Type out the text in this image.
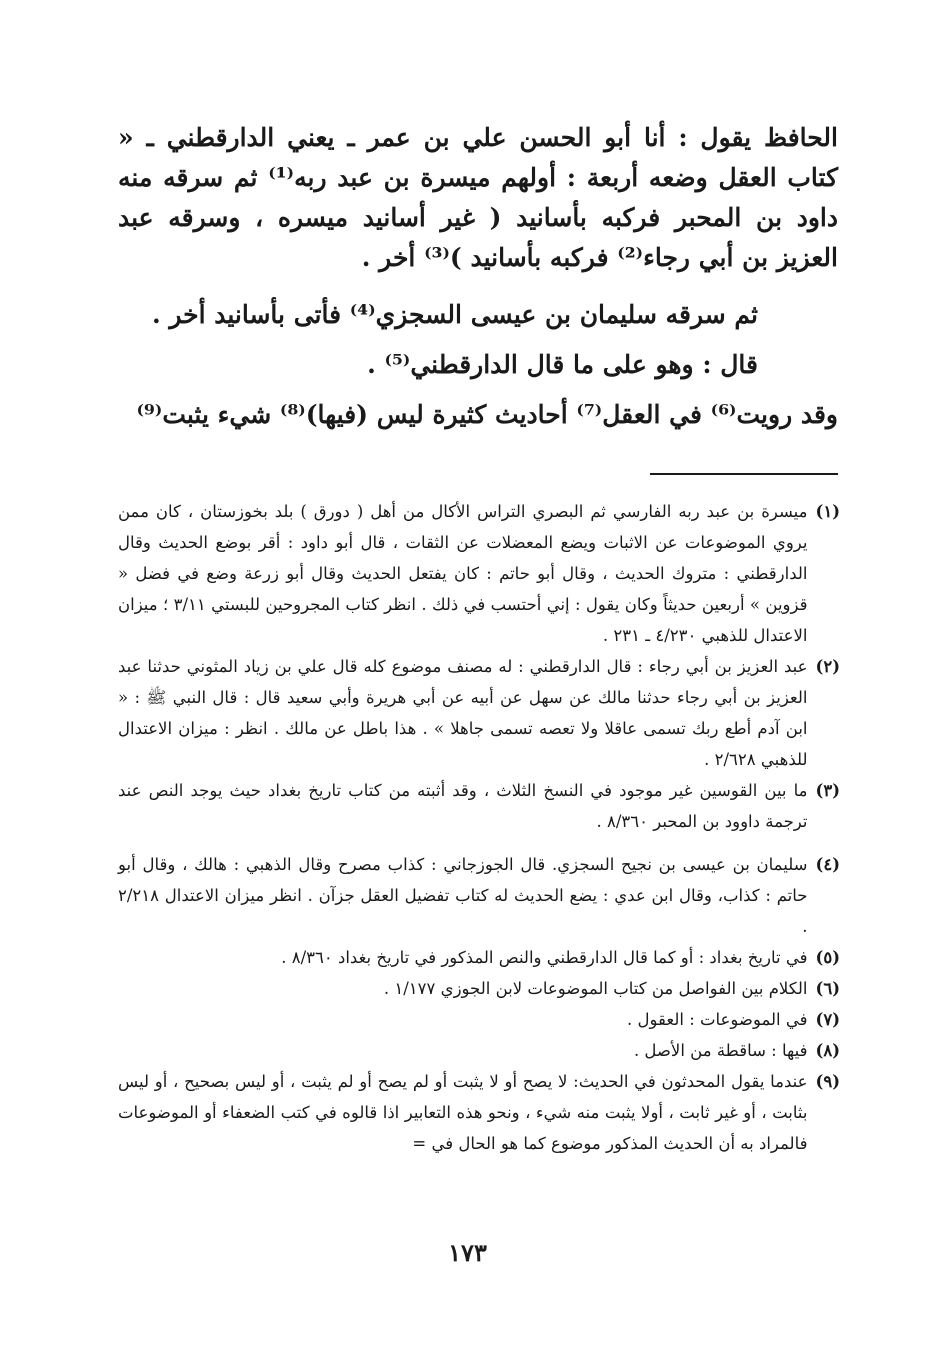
الحافظ يقول : أنا أبو الحسن علي بن عمر ـ يعني الدارقطني ـ « كتاب العقل وضعه أربعة : أولهم ميسرة بن عبد ربه⁽¹⁾ ثم سرقه منه داود بن المحبر فركبه بأسانيد ( غير أسانيد ميسره ، وسرقه عبد العزيز بن أبي رجاء⁽²⁾ فركبه بأسانيد )⁽³⁾ أخر .

ثم سرقه سليمان بن عيسى السجزي⁽⁴⁾ فأتى بأسانيد أخر .

قال : وهو على ما قال الدارقطني⁽⁵⁾ .

وقد رويت⁽⁶⁾ في العقل⁽⁷⁾ أحاديث كثيرة ليس (فيها)⁽⁸⁾ شيء يثبت⁽⁹⁾

(١)
ميسرة بن عبد ربه الفارسي ثم البصري التراس الأكال من أهل ( دورق ) بلد بخوزستان ، كان ممن يروي الموضوعات عن الاثبات ويضع المعضلات عن الثقات ، قال أبو داود : أقر بوضع الحديث وقال الدارقطني : متروك الحديث ، وقال أبو حاتم : كان يفتعل الحديث وقال أبو زرعة وضع في فضل « قزوين » أربعين حديثاً وكان يقول : إني أحتسب في ذلك . انظر كتاب المجروحين للبستي ٣/١١ ؛ ميزان الاعتدال للذهبي ٤/٢٣٠ ـ ٢٣١ .
(٢)
عبد العزيز بن أبي رجاء : قال الدارقطني : له مصنف موضوع كله قال علي بن زياد المثوني حدثنا عبد العزيز بن أبي رجاء حدثنا مالك عن سهل عن أبيه عن أبي هريرة وأبي سعيد قال : قال النبي ﷺ : « ابن آدم أطع ربك تسمى عاقلا ولا تعصه تسمى جاهلا » . هذا باطل عن مالك . انظر : ميزان الاعتدال للذهبي ٢/٦٢٨ .
(٣)
ما بين القوسين غير موجود في النسخ الثلاث ، وقد أثبته من كتاب تاريخ بغداد حيث يوجد النص عند ترجمة داوود بن المحبر ٨/٣٦٠ .
(٤)
سليمان بن عيسى بن نجيح السجزي. قال الجوزجاني : كذاب مصرح وقال الذهبي : هالك ، وقال أبو حاتم : كذاب، وقال ابن عدي : يضع الحديث له كتاب تفضيل العقل جزآن . انظر ميزان الاعتدال ٢/٢١٨ .
(٥)
في تاريخ بغداد : أو كما قال الدارقطني والنص المذكور في تاريخ بغداد ٨/٣٦٠ .
(٦)
الكلام بين الفواصل من كتاب الموضوعات لابن الجوزي ١/١٧٧ .
(٧)
في الموضوعات : العقول .
(٨)
فيها : ساقطة من الأصل .
(٩)
عندما يقول المحدثون في الحديث: لا يصح أو لا يثبت أو لم يصح أو لم يثبت ، أو ليس بصحيح ، أو ليس بثابت ، أو غير ثابت ، أولا يثبت منه شيء ، ونحو هذه التعابير اذا قالوه في كتب الضعفاء أو الموضوعات فالمراد به أن الحديث المذكور موضوع كما هو الحال في =
١٧٣
